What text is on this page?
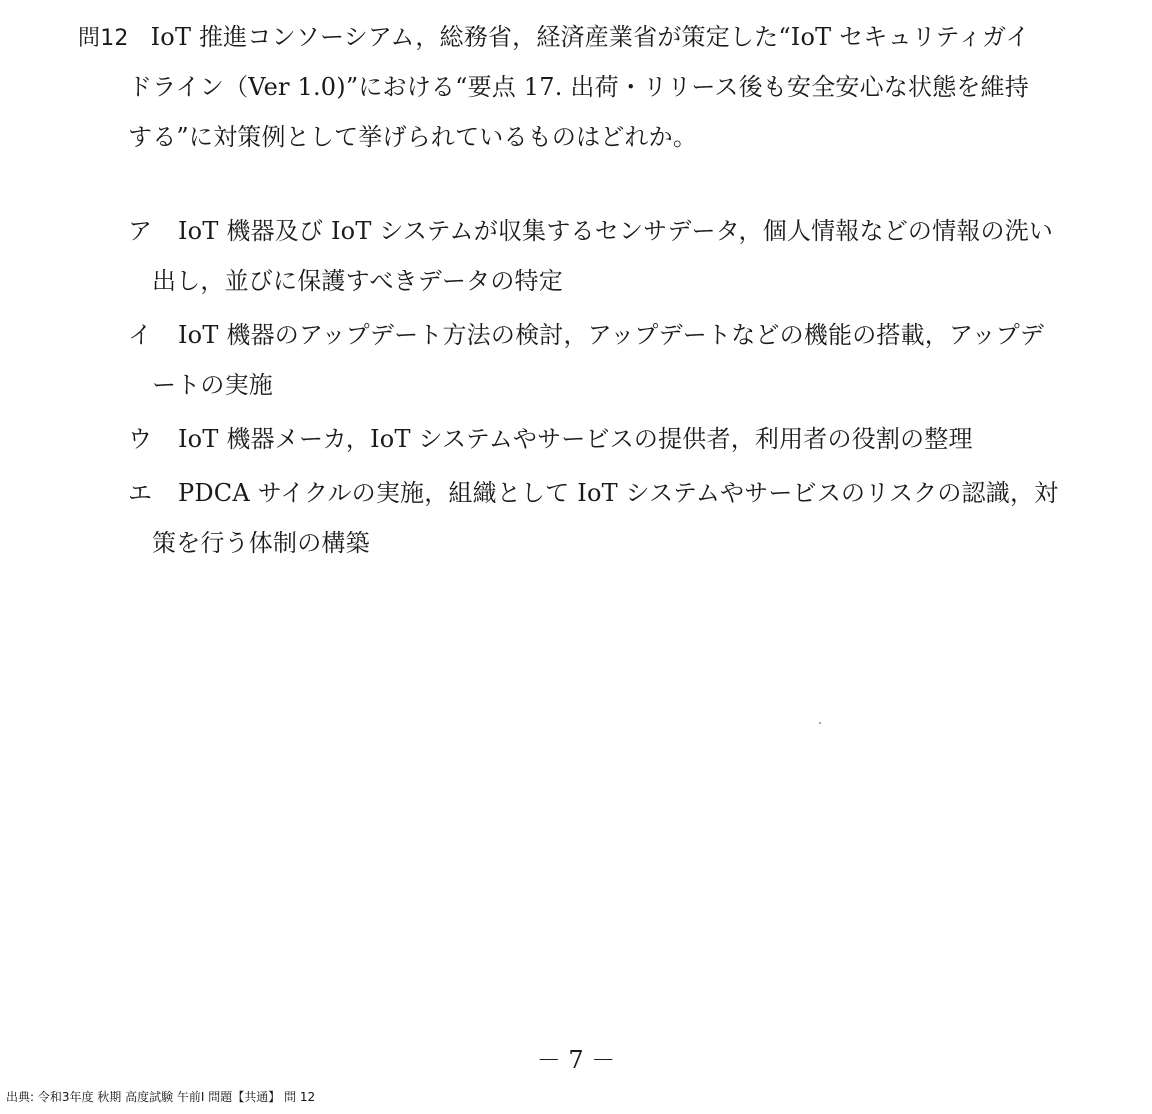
問12 IoT 推進コンソーシアム，総務省，経済産業省が策定した“IoT セキュリティガイ
ドライン（Ver 1.0)”における“要点 17. 出荷・リリース後も安全安心な状態を維持
する”に対策例として挙げられているものはどれか。
ア IoT 機器及び IoT システムが収集するセンサデータ，個人情報などの情報の洗い
出し，並びに保護すべきデータの特定
イ IoT 機器のアップデート方法の検討，アップデートなどの機能の搭載，アップデ
ートの実施
ウ IoT 機器メーカ，IoT システムやサービスの提供者，利用者の役割の整理
エ PDCA サイクルの実施，組織として IoT システムやサービスのリスクの認識，対
策を行う体制の構築
－ 7 －
出典: 令和3年度 秋期 高度試験 午前Ⅰ 問題【共通】 問 12
